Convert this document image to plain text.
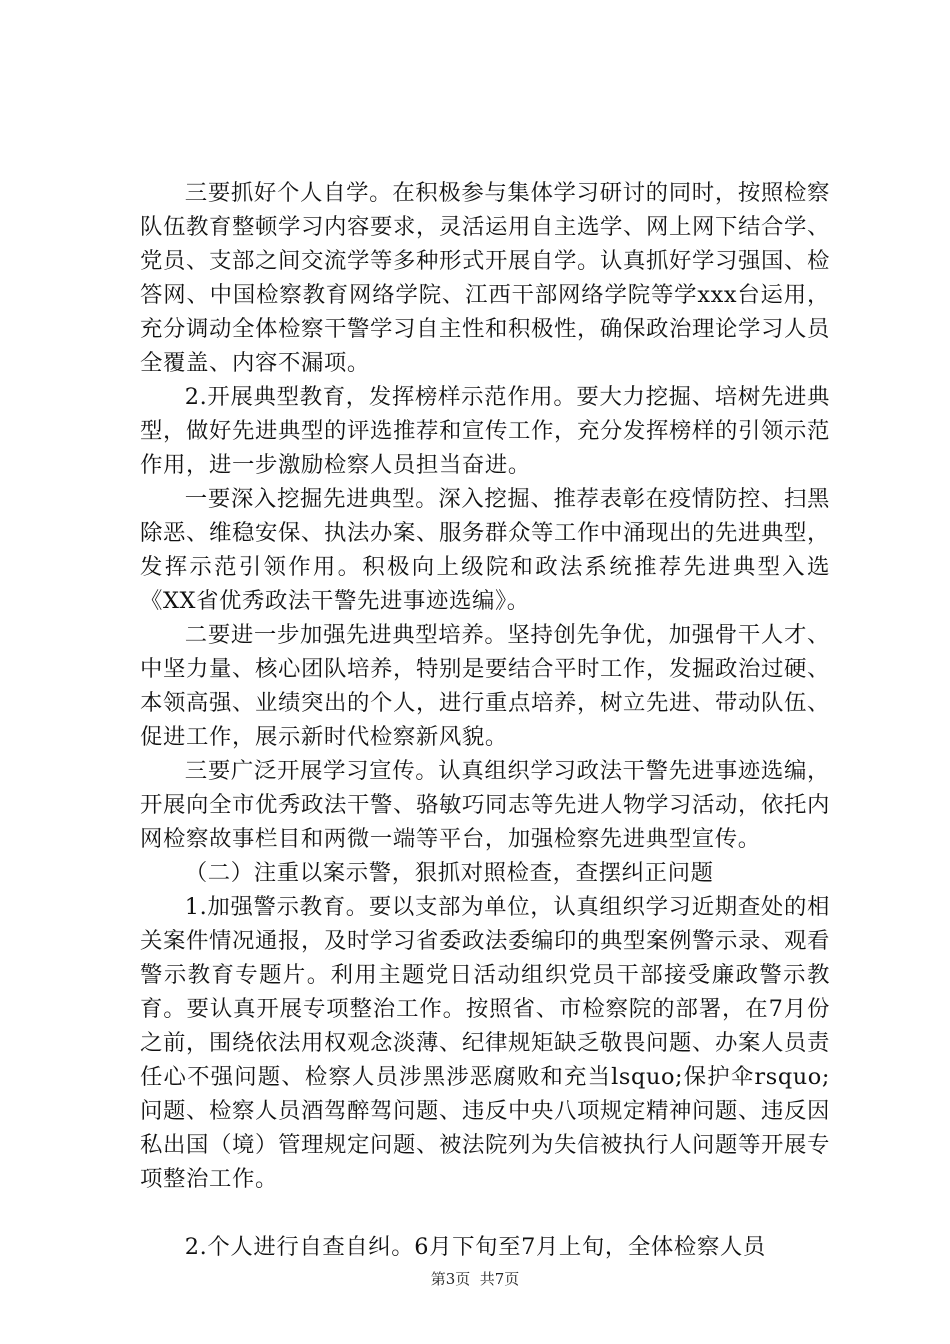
三要抓好个人自学。在积极参与集体学习研讨的同时，按照检察队伍教育整顿学习内容要求，灵活运用自主选学、网上网下结合学、党员、支部之间交流学等多种形式开展自学。认真抓好学习强国、检答网、中国检察教育网络学院、江西干部网络学院等学xxx台运用，充分调动全体检察干警学习自主性和积极性，确保政治理论学习人员全覆盖、内容不漏项。

2.开展典型教育，发挥榜样示范作用。要大力挖掘、培树先进典型，做好先进典型的评选推荐和宣传工作，充分发挥榜样的引领示范作用，进一步激励检察人员担当奋进。

一要深入挖掘先进典型。深入挖掘、推荐表彰在疫情防控、扫黑除恶、维稳安保、执法办案、服务群众等工作中涌现出的先进典型，发挥示范引领作用。积极向上级院和政法系统推荐先进典型入选《XX省优秀政法干警先进事迹选编》。

二要进一步加强先进典型培养。坚持创先争优，加强骨干人才、中坚力量、核心团队培养，特别是要结合平时工作，发掘政治过硬、本领高强、业绩突出的个人，进行重点培养，树立先进、带动队伍、促进工作，展示新时代检察新风貌。

三要广泛开展学习宣传。认真组织学习政法干警先进事迹选编，开展向全市优秀政法干警、骆敏巧同志等先进人物学习活动，依托内网检察故事栏目和两微一端等平台，加强检察先进典型宣传。

（二）注重以案示警，狠抓对照检查，查摆纠正问题

1.加强警示教育。要以支部为单位，认真组织学习近期查处的相关案件情况通报，及时学习省委政法委编印的典型案例警示录、观看警示教育专题片。利用主题党日活动组织党员干部接受廉政警示教育。要认真开展专项整治工作。按照省、市检察院的部署，在7月份之前，围绕依法用权观念淡薄、纪律规矩缺乏敬畏问题、办案人员责任心不强问题、检察人员涉黑涉恶腐败和充当lsquo;保护伞rsquo;问题、检察人员酒驾醉驾问题、违反中央八项规定精神问题、违反因私出国（境）管理规定问题、被法院列为失信被执行人问题等开展专项整治工作。

2.个人进行自查自纠。6月下旬至7月上旬，全体检察人员

第3页  共7页
